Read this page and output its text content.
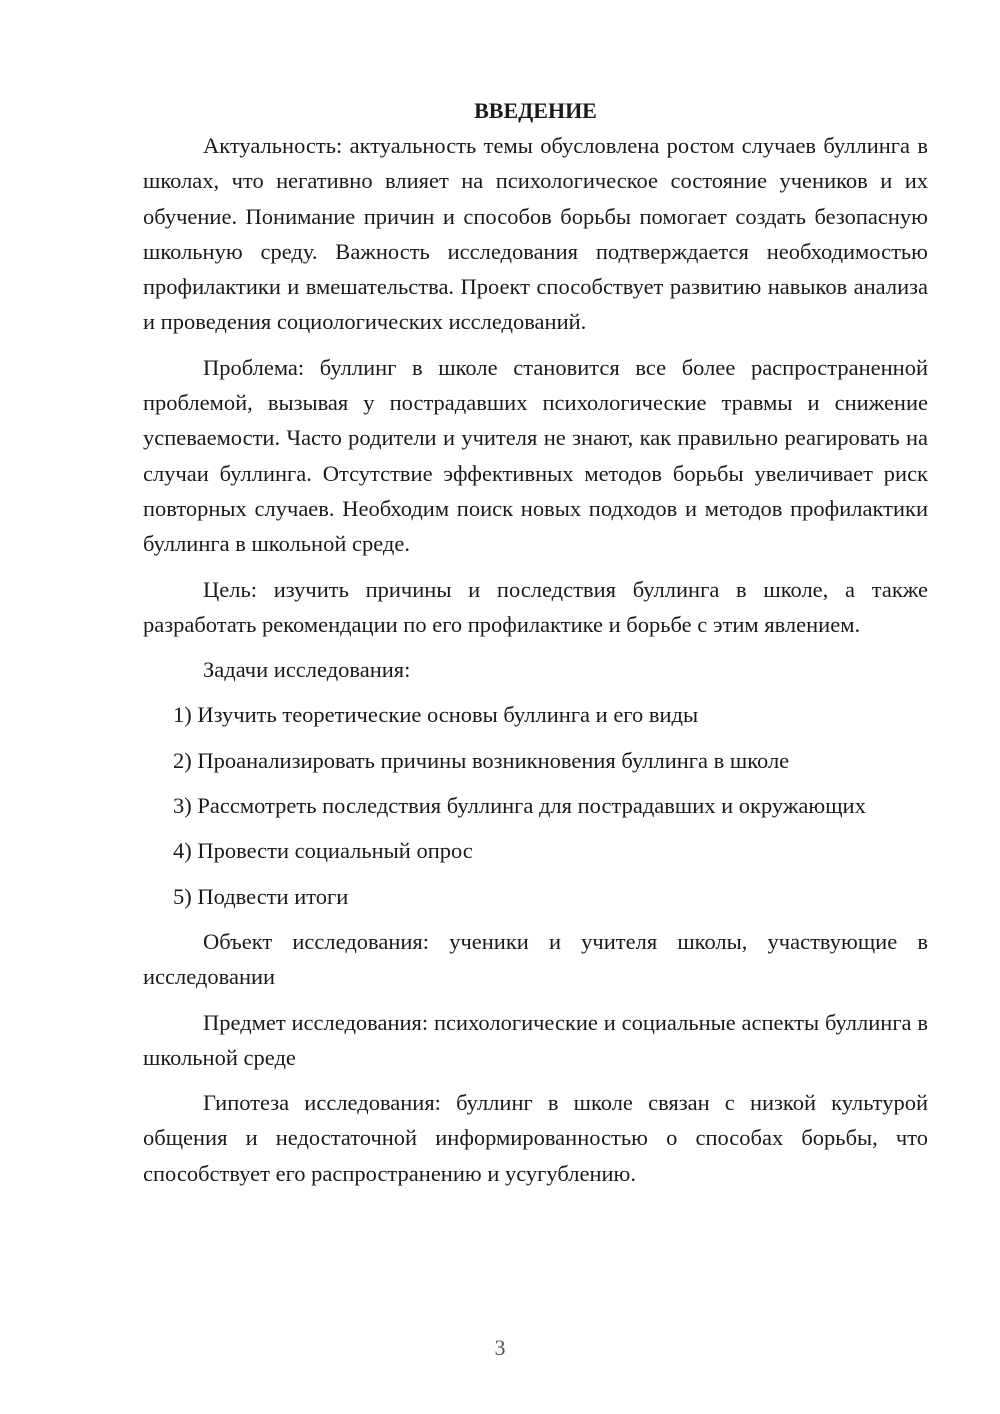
ВВЕДЕНИЕ

Актуальность: актуальность темы обусловлена ростом случаев буллинга в школах, что негативно влияет на психологическое состояние учеников и их обучение. Понимание причин и способов борьбы помогает создать безопасную школьную среду. Важность исследования подтверждается необходимостью профилактики и вмешательства. Проект способствует развитию навыков анализа и проведения социологических исследований.

Проблема: буллинг в школе становится все более распространенной проблемой, вызывая у пострадавших психологические травмы и снижение успеваемости. Часто родители и учителя не знают, как правильно реагировать на случаи буллинга. Отсутствие эффективных методов борьбы увеличивает риск повторных случаев. Необходим поиск новых подходов и методов профилактики буллинга в школьной среде.

Цель: изучить причины и последствия буллинга в школе, а также разработать рекомендации по его профилактике и борьбе с этим явлением.

Задачи исследования:

1) Изучить теоретические основы буллинга и его виды

2) Проанализировать причины возникновения буллинга в школе

3) Рассмотреть последствия буллинга для пострадавших и окружающих

4) Провести социальный опрос

5) Подвести итоги

Объект исследования: ученики и учителя школы, участвующие в исследовании

Предмет исследования: психологические и социальные аспекты буллинга в школьной среде

Гипотеза исследования: буллинг в школе связан с низкой культурой общения и недостаточной информированностью о способах борьбы, что способствует его распространению и усугублению.

3
